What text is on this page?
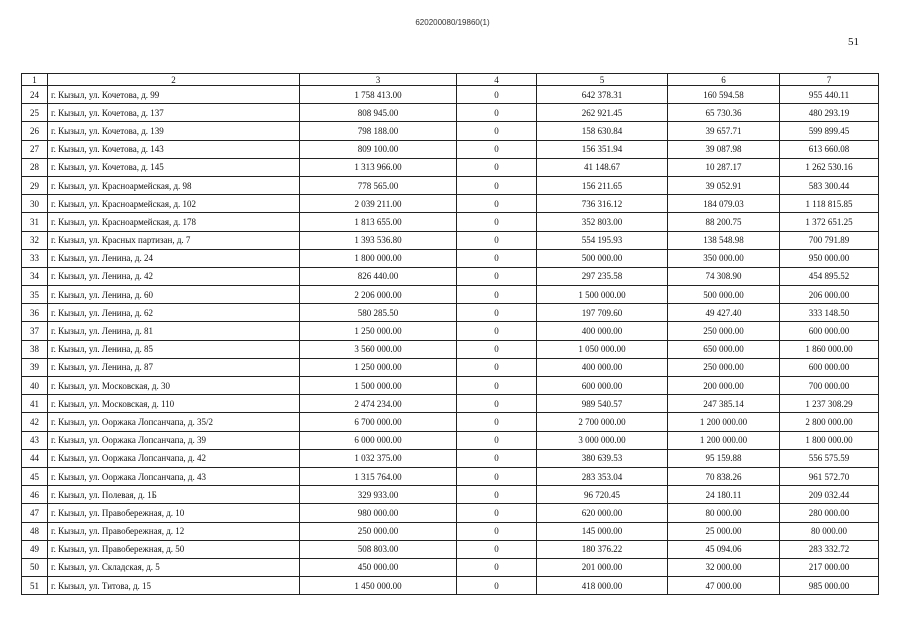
620200080/19860(1)
51
1	2	3	4	5	6	7
24	г. Кызыл, ул. Кочетова, д. 99	1 758 413.00	0	642 378.31	160 594.58	955 440.11
25	г. Кызыл, ул. Кочетова, д. 137	808 945.00	0	262 921.45	65 730.36	480 293.19
26	г. Кызыл, ул. Кочетова, д. 139	798 188.00	0	158 630.84	39 657.71	599 899.45
27	г. Кызыл, ул. Кочетова, д. 143	809 100.00	0	156 351.94	39 087.98	613 660.08
28	г. Кызыл, ул. Кочетова, д. 145	1 313 966.00	0	41 148.67	10 287.17	1 262 530.16
29	г. Кызыл, ул. Красноармейская, д. 98	778 565.00	0	156 211.65	39 052.91	583 300.44
30	г. Кызыл, ул. Красноармейская, д. 102	2 039 211.00	0	736 316.12	184 079.03	1 118 815.85
31	г. Кызыл, ул. Красноармейская, д. 178	1 813 655.00	0	352 803.00	88 200.75	1 372 651.25
32	г. Кызыл, ул. Красных партизан, д. 7	1 393 536.80	0	554 195.93	138 548.98	700 791.89
33	г. Кызыл, ул. Ленина, д. 24	1 800 000.00	0	500 000.00	350 000.00	950 000.00
34	г. Кызыл, ул. Ленина, д. 42	826 440.00	0	297 235.58	74 308.90	454 895.52
35	г. Кызыл, ул. Ленина, д. 60	2 206 000.00	0	1 500 000.00	500 000.00	206 000.00
36	г. Кызыл, ул. Ленина, д. 62	580 285.50	0	197 709.60	49 427.40	333 148.50
37	г. Кызыл, ул. Ленина, д. 81	1 250 000.00	0	400 000.00	250 000.00	600 000.00
38	г. Кызыл, ул. Ленина, д. 85	3 560 000.00	0	1 050 000.00	650 000.00	1 860 000.00
39	г. Кызыл, ул. Ленина, д. 87	1 250 000.00	0	400 000.00	250 000.00	600 000.00
40	г. Кызыл, ул. Московская, д. 30	1 500 000.00	0	600 000.00	200 000.00	700 000.00
41	г. Кызыл, ул. Московская, д. 110	2 474 234.00	0	989 540.57	247 385.14	1 237 308.29
42	г. Кызыл, ул. Ооржака Лопсанчапа, д. 35/2	6 700 000.00	0	2 700 000.00	1 200 000.00	2 800 000.00
43	г. Кызыл, ул. Ооржака Лопсанчапа, д. 39	6 000 000.00	0	3 000 000.00	1 200 000.00	1 800 000.00
44	г. Кызыл, ул. Ооржака Лопсанчапа, д. 42	1 032 375.00	0	380 639.53	95 159.88	556 575.59
45	г. Кызыл, ул. Ооржака Лопсанчапа, д. 43	1 315 764.00	0	283 353.04	70 838.26	961 572.70
46	г. Кызыл, ул. Полевая, д. 1Б	329 933.00	0	96 720.45	24 180.11	209 032.44
47	г. Кызыл, ул. Правобережная, д. 10	980 000.00	0	620 000.00	80 000.00	280 000.00
48	г. Кызыл, ул. Правобережная, д. 12	250 000.00	0	145 000.00	25 000.00	80 000.00
49	г. Кызыл, ул. Правобережная, д. 50	508 803.00	0	180 376.22	45 094.06	283 332.72
50	г. Кызыл, ул. Складская, д. 5	450 000.00	0	201 000.00	32 000.00	217 000.00
51	г. Кызыл, ул. Титова, д. 15	1 450 000.00	0	418 000.00	47 000.00	985 000.00
